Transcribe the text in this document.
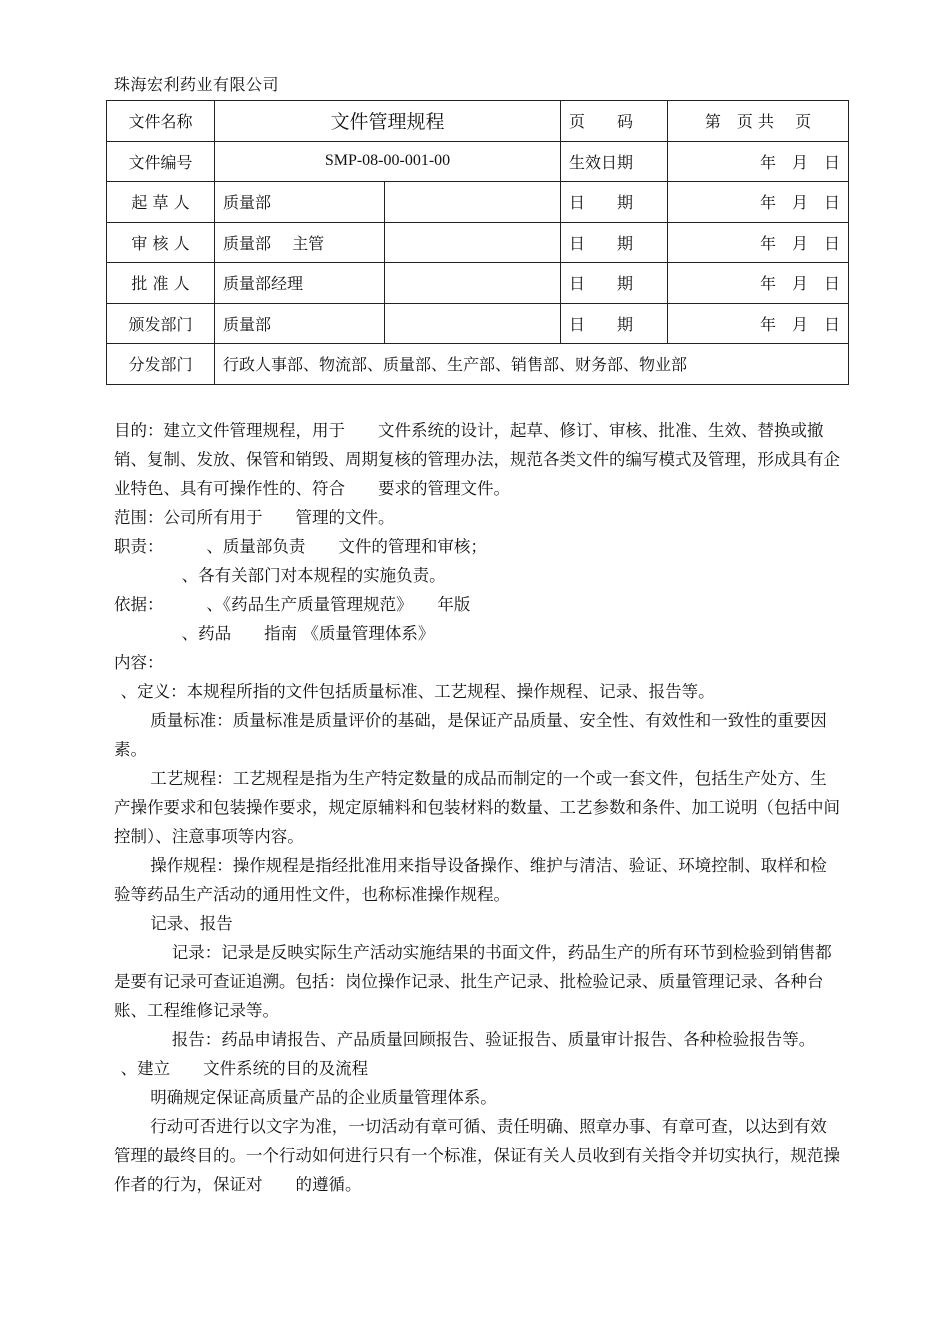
珠海宏利药业有限公司
文件名称	文件管理规程		页　　码	第　页 共　 页
文件编号	SMP-08-00-001-00		生效日期	年　月　日
起 草 人	质量部		日　　期	年　月　日
审 核 人	质量部　 主管		日　　期	年　月　日
批 准 人	质量部经理		日　　期	年　月　日
颁发部门	质量部		日　　期	年　月　日
分发部门	行政人事部、物流部、质量部、生产部、销售部、财务部、物业部			

目的：建立文件管理规程，用于　　文件系统的设计，起草、修订、审核、批准、生效、替换或撤销、复制、发放、保管和销毁、周期复核的管理办法，规范各类文件的编写模式及管理，形成具有企业特色、具有可操作性的、符合　　要求的管理文件。

范围：公司所有用于　　管理的文件。

职责：	、质量部负责　　文件的管理和审核；

、各有关部门对本规程的实施负责。

依据：	、《药品生产质量管理规范》　　年版

、药品　　指南 《质量管理体系》

内容：

、定义：本规程所指的文件包括质量标准、工艺规程、操作规程、记录、报告等。

质量标准：质量标准是质量评价的基础，是保证产品质量、安全性、有效性和一致性的重要因素。

工艺规程：工艺规程是指为生产特定数量的成品而制定的一个或一套文件，包括生产处方、生产操作要求和包装操作要求，规定原辅料和包装材料的数量、工艺参数和条件、加工说明（包括中间控制）、注意事项等内容。

操作规程：操作规程是指经批准用来指导设备操作、维护与清洁、验证、环境控制、取样和检验等药品生产活动的通用性文件，也称标准操作规程。

记录、报告

记录：记录是反映实际生产活动实施结果的书面文件，药品生产的所有环节到检验到销售都是要有记录可查证追溯。包括：岗位操作记录、批生产记录、批检验记录、质量管理记录、各种台账、工程维修记录等。

报告：药品申请报告、产品质量回顾报告、验证报告、质量审计报告、各种检验报告等。

、建立　　文件系统的目的及流程

明确规定保证高质量产品的企业质量管理体系。

行动可否进行以文字为准，一切活动有章可循、责任明确、照章办事、有章可查，以达到有效管理的最终目的。一个行动如何进行只有一个标准，保证有关人员收到有关指令并切实执行，规范操作者的行为，保证对　　的遵循。
